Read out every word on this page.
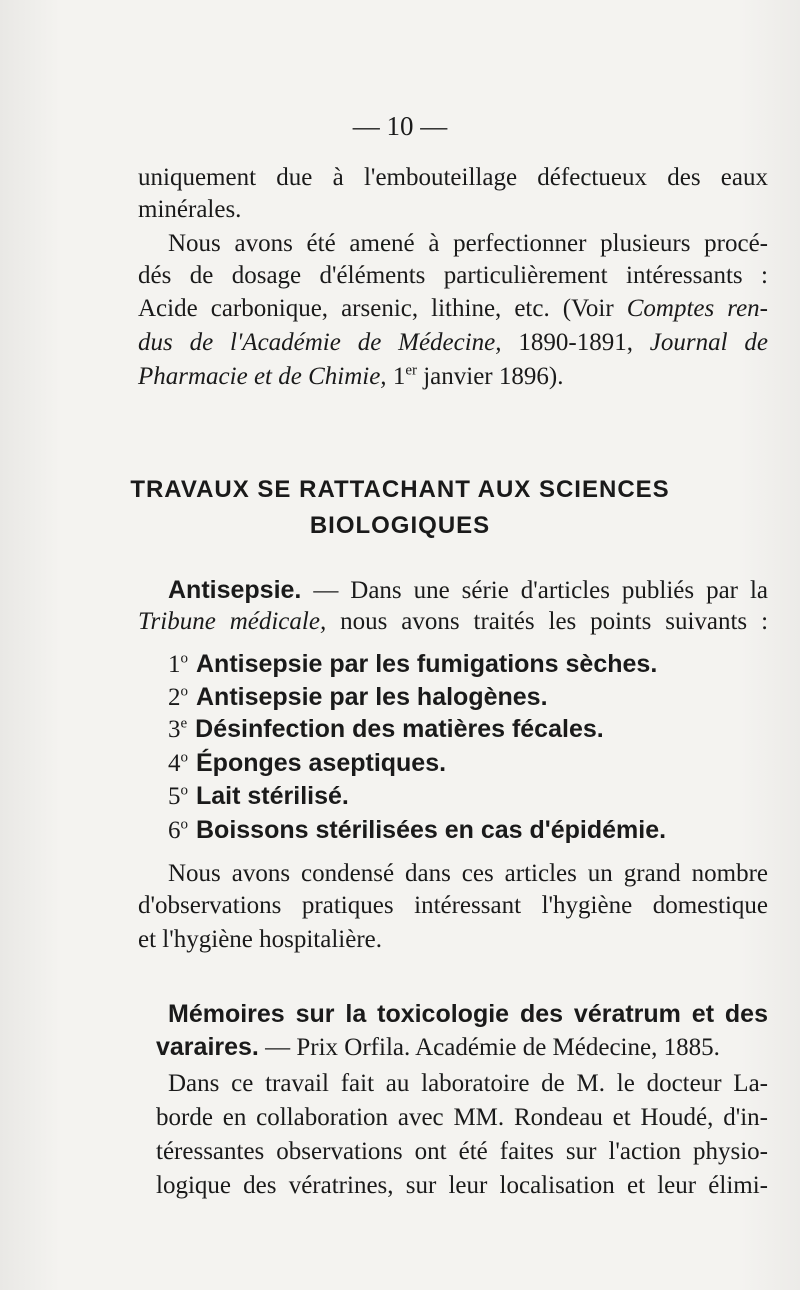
— 10 —
uniquement due à l'embouteillage défectueux des eaux
minérales.
Nous avons été amené à perfectionner plusieurs procé-
dés de dosage d'éléments particulièrement intéressants :
Acide carbonique, arsenic, lithine, etc. (Voir Comptes ren-
dus de l'Académie de Médecine, 1890-1891, Journal de
Pharmacie et de Chimie, 1er janvier 1896).
TRAVAUX SE RATTACHANT AUX SCIENCES
BIOLOGIQUES
Antisepsie. — Dans une série d'articles publiés par la
Tribune médicale, nous avons traités les points suivants :
1$^o$ Antisepsie par les fumigations sèches.
2$^o$ Antisepsie par les halogènes.
3e Désinfection des matières fécales.
4$^o$ Éponges aseptiques.
5$^o$ Lait stérilisé.
6$^o$ Boissons stérilisées en cas d'épidémie.
Nous avons condensé dans ces articles un grand nombre
d'observations pratiques intéressant l'hygiène domestique
et l'hygiène hospitalière.
Mémoires sur la toxicologie des vératrum et des
varaires. — Prix Orfila. Académie de Médecine, 1885.
Dans ce travail fait au laboratoire de M. le docteur La-
borde en collaboration avec MM. Rondeau et Houdé, d'in-
téressantes observations ont été faites sur l'action physio-
logique des vératrines, sur leur localisation et leur élimi-
